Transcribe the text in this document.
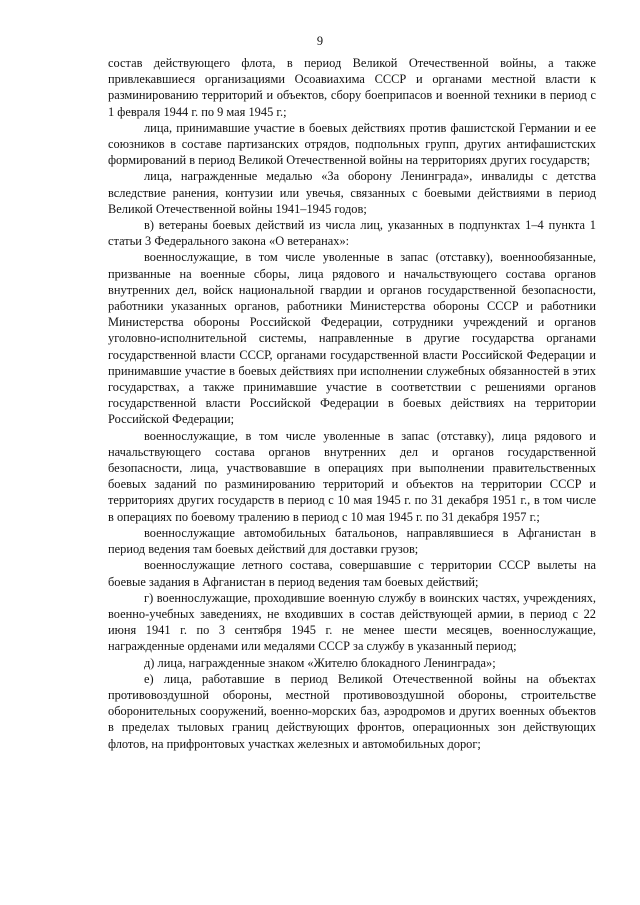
9

состав действующего флота, в период Великой Отечественной войны, а также привлекавшиеся организациями Осоавиахима СССР и органами местной власти к разминированию территорий и объектов, сбору боеприпасов и военной техники в период с 1 февраля 1944 г. по 9 мая 1945 г.;

лица, принимавшие участие в боевых действиях против фашистской Германии и ее союзников в составе партизанских отрядов, подпольных групп, других антифашистских формирований в период Великой Отечественной войны на территориях других государств;

лица, награжденные медалью «За оборону Ленинграда», инвалиды с детства вследствие ранения, контузии или увечья, связанных с боевыми действиями в период Великой Отечественной войны 1941–1945 годов;

в) ветераны боевых действий из числа лиц, указанных в подпунктах 1–4 пункта 1 статьи 3 Федерального закона «О ветеранах»:

военнослужащие, в том числе уволенные в запас (отставку), военнообязанные, призванные на военные сборы, лица рядового и начальствующего состава органов внутренних дел, войск национальной гвардии и органов государственной безопасности, работники указанных органов, работники Министерства обороны СССР и работники Министерства обороны Российской Федерации, сотрудники учреждений и органов уголовно-исполнительной системы, направленные в другие государства органами государственной власти СССР, органами государственной власти Российской Федерации и принимавшие участие в боевых действиях при исполнении служебных обязанностей в этих государствах, а также принимавшие участие в соответствии с решениями органов государственной власти Российской Федерации в боевых действиях на территории Российской Федерации;

военнослужащие, в том числе уволенные в запас (отставку), лица рядового и начальствующего состава органов внутренних дел и органов государственной безопасности, лица, участвовавшие в операциях при выполнении правительственных боевых заданий по разминированию территорий и объектов на территории СССР и территориях других государств в период с 10 мая 1945 г. по 31 декабря 1951 г., в том числе в операциях по боевому тралению в период с 10 мая 1945 г. по 31 декабря 1957 г.;

военнослужащие автомобильных батальонов, направлявшиеся в Афганистан в период ведения там боевых действий для доставки грузов;

военнослужащие летного состава, совершавшие с территории СССР вылеты на боевые задания в Афганистан в период ведения там боевых действий;

г) военнослужащие, проходившие военную службу в воинских частях, учреждениях, военно-учебных заведениях, не входивших в состав действующей армии, в период с 22 июня 1941 г. по 3 сентября 1945 г. не менее шести месяцев, военнослужащие, награжденные орденами или медалями СССР за службу в указанный период;

д) лица, награжденные знаком «Жителю блокадного Ленинграда»;

е) лица, работавшие в период Великой Отечественной войны на объектах противовоздушной обороны, местной противовоздушной обороны, строительстве оборонительных сооружений, военно-морских баз, аэродромов и других военных объектов в пределах тыловых границ действующих фронтов, операционных зон действующих флотов, на прифронтовых участках железных и автомобильных дорог;
